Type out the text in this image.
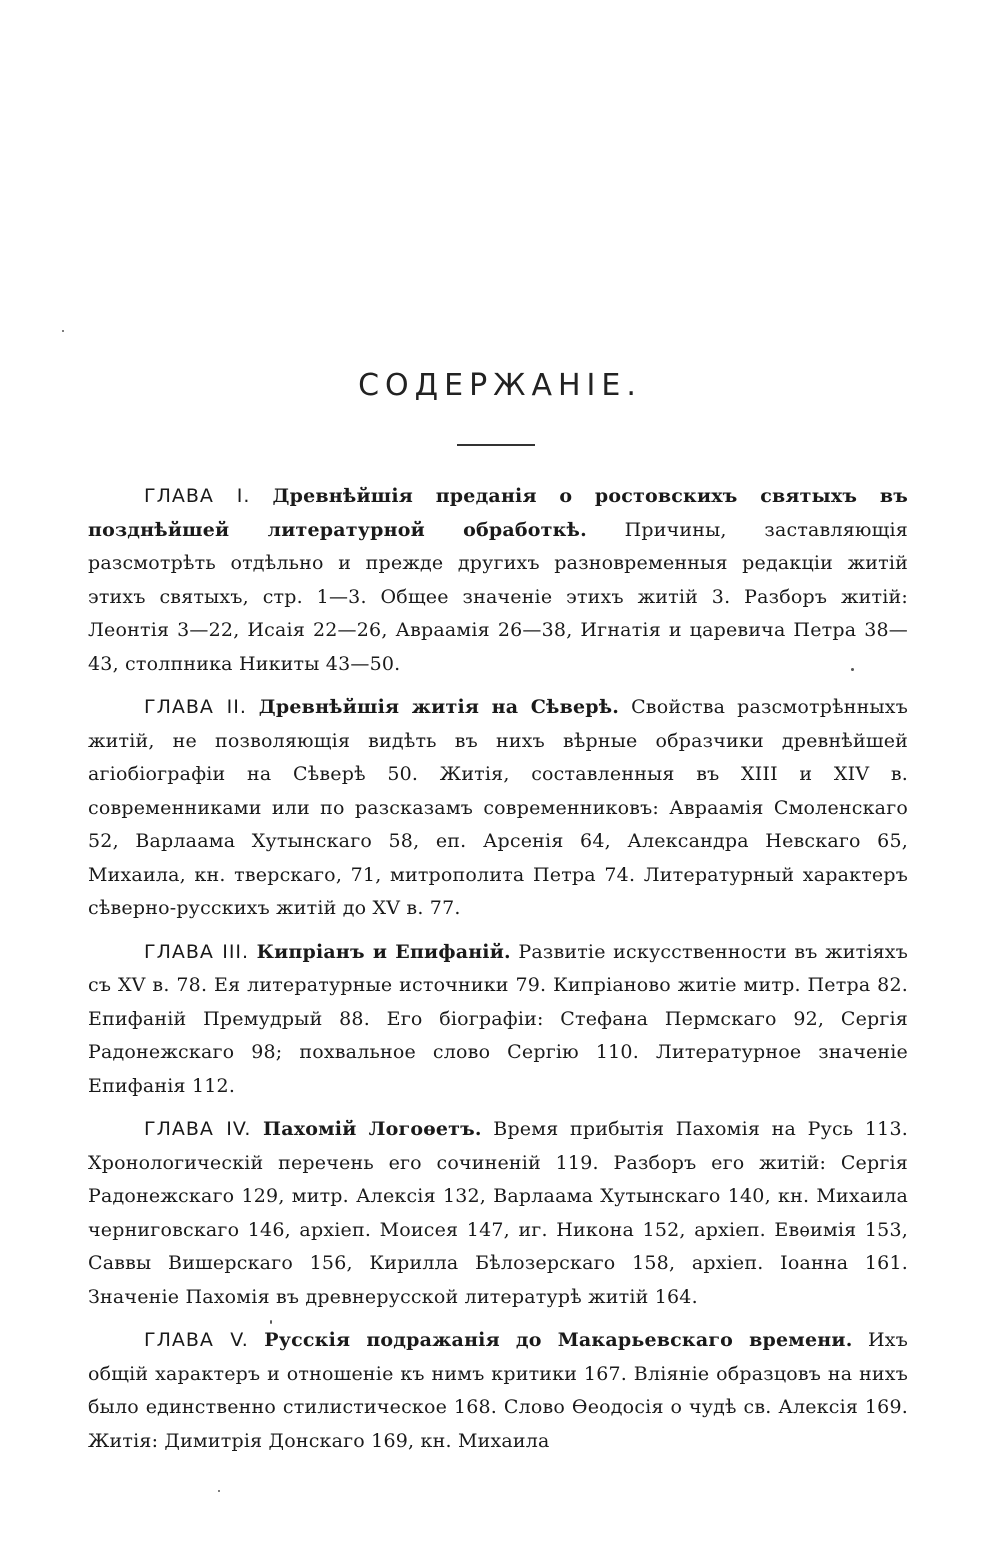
СОДЕРЖАНІЕ.

ГЛАВА I. Древнѣйшія преданія о ростовскихъ святыхъ въ позднѣйшей литературной обработкѣ. Причины, заставляющія разсмотрѣть отдѣльно и прежде другихъ разновременныя редакціи житій этихъ святыхъ, стр. 1—3. Общее значеніе этихъ житій 3. Разборъ житій: Леонтія 3—22, Исаія 22—26, Авраамія 26—38, Игнатія и царевича Петра 38—43, столпника Никиты 43—50.

ГЛАВА II. Древнѣйшія житія на Сѣверѣ. Свойства разсмотрѣнныхъ житій, не позволяющія видѣть въ нихъ вѣрные образчики древнѣйшей агіобіографіи на Сѣверѣ 50. Житія, составленныя въ XIII и XIV в. современниками или по разсказамъ современниковъ: Авраамія Смоленскаго 52, Варлаама Хутынскаго 58, еп. Арсенія 64, Александра Невскаго 65, Михаила, кн. тверскаго, 71, митрополита Петра 74. Литературный характеръ сѣверно-русскихъ житій до XV в. 77.

ГЛАВА III. Кипріанъ и Епифаній. Развитіе искусственности въ житіяхъ съ XV в. 78. Ея литературные источники 79. Кипріаново житіе митр. Петра 82. Епифаній Премудрый 88. Его біографіи: Стефана Пермскаго 92, Сергія Радонежскаго 98; похвальное слово Сергію 110. Литературное значеніе Епифанія 112.

ГЛАВА IV. Пахомій Логоѳетъ. Время прибытія Пахомія на Русь 113. Хронологическій перечень его сочиненій 119. Разборъ его житій: Сергія Радонежскаго 129, митр. Алексія 132, Варлаама Хутынскаго 140, кн. Михаила черниговскаго 146, архіеп. Моисея 147, иг. Никона 152, архіеп. Евѳимія 153, Саввы Вишерскаго 156, Кирилла Бѣлозерскаго 158, архіеп. Іоанна 161. Значеніе Пахомія въ древнерусской литературѣ житій 164.

ГЛАВА V. Русскія подражанія до Макарьевскаго времени. Ихъ общій характеръ и отношеніе къ нимъ критики 167. Вліяніе образцовъ на нихъ было единственно стилистическое 168. Слово Ѳеодосія о чудѣ св. Алексія 169. Житія: Димитрія Донскаго 169, кн. Михаила
